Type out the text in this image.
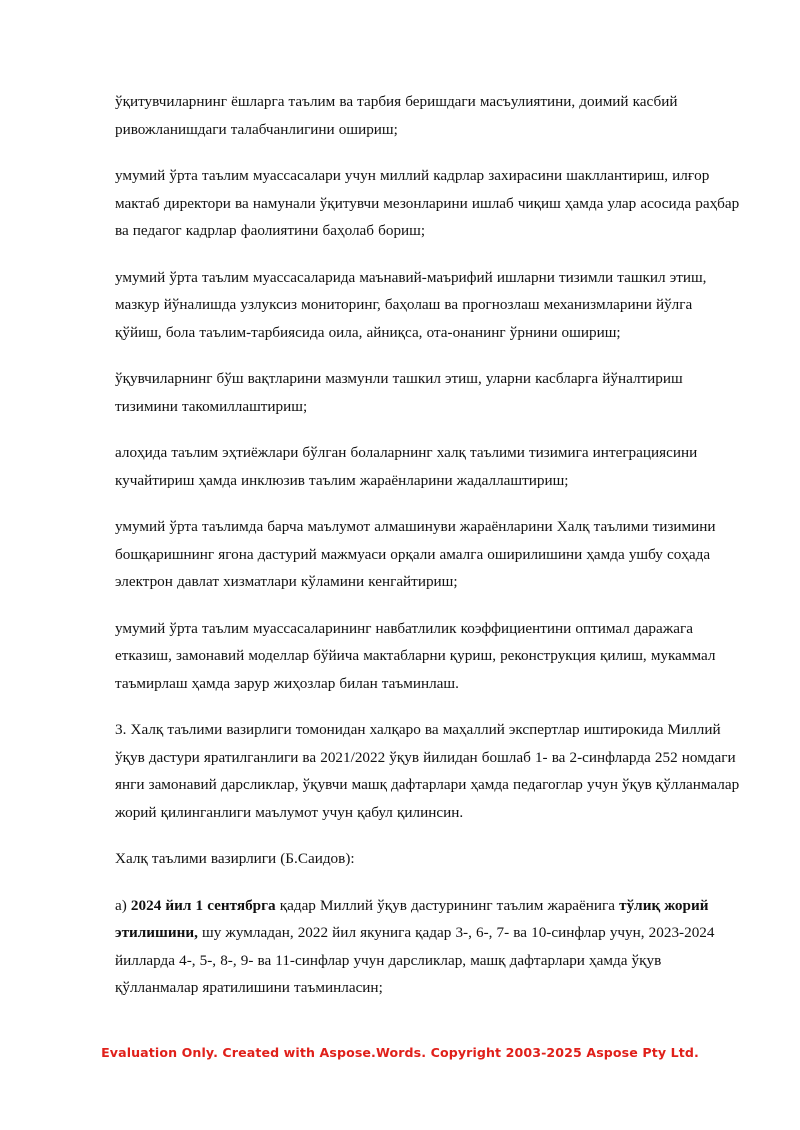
ўқитувчиларнинг ёшларга таълим ва тарбия беришдаги масъулиятини, доимий касбий ривожланишдаги талабчанлигини ошириш;

умумий ўрта таълим муассасалари учун миллий кадрлар захирасини шакллантириш, илғор мактаб директори ва намунали ўқитувчи мезонларини ишлаб чиқиш ҳамда улар асосида раҳбар ва педагог кадрлар фаолиятини баҳолаб бориш;

умумий ўрта таълим муассасаларида маънавий-маърифий ишларни тизимли ташкил этиш, мазкур йўналишда узлуксиз мониторинг, баҳолаш ва прогнозлаш механизмларини йўлга қўйиш, бола таълим-тарбиясида оила, айниқса, ота-онанинг ўрнини ошириш;

ўқувчиларнинг бўш вақтларини мазмунли ташкил этиш, уларни касбларга йўналтириш тизимини такомиллаштириш;

алоҳида таълим эҳтиёжлари бўлган болаларнинг халқ таълими тизимига интеграциясини кучайтириш ҳамда инклюзив таълим жараёнларини жадаллаштириш;

умумий ўрта таълимда барча маълумот алмашинуви жараёнларини Халқ таълими тизимини бошқаришнинг ягона дастурий мажмуаси орқали амалга оширилишини ҳамда ушбу соҳада электрон давлат хизматлари кўламини кенгайтириш;

умумий ўрта таълим муассасаларининг навбатлилик коэффициентини оптимал даражага етказиш, замонавий моделлар бўйича мактабларни қуриш, реконструкция қилиш, мукаммал таъмирлаш ҳамда зарур жиҳозлар билан таъминлаш.

3. Халқ таълими вазирлиги томонидан халқаро ва маҳаллий экспертлар иштирокида Миллий ўқув дастури яратилганлиги ва 2021/2022 ўқув йилидан бошлаб 1- ва 2-синфларда 252 номдаги янги замонавий дарсликлар, ўқувчи машқ дафтарлари ҳамда педагоглар учун ўқув қўлланмалар жорий қилинганлиги маълумот учун қабул қилинсин.

Халқ таълими вазирлиги (Б.Саидов):

а) 2024 йил 1 сентябрга қадар Миллий ўқув дастурининг таълим жараёнига тўлиқ жорий этилишини, шу жумладан, 2022 йил якунига қадар 3-, 6-, 7- ва 10-синфлар учун, 2023-2024 йилларда 4-, 5-, 8-, 9- ва 11-синфлар учун дарсликлар, машқ дафтарлари ҳамда ўқув қўлланмалар яратилишини таъминласин;

Evaluation Only. Created with Aspose.Words. Copyright 2003-2025 Aspose Pty Ltd.
